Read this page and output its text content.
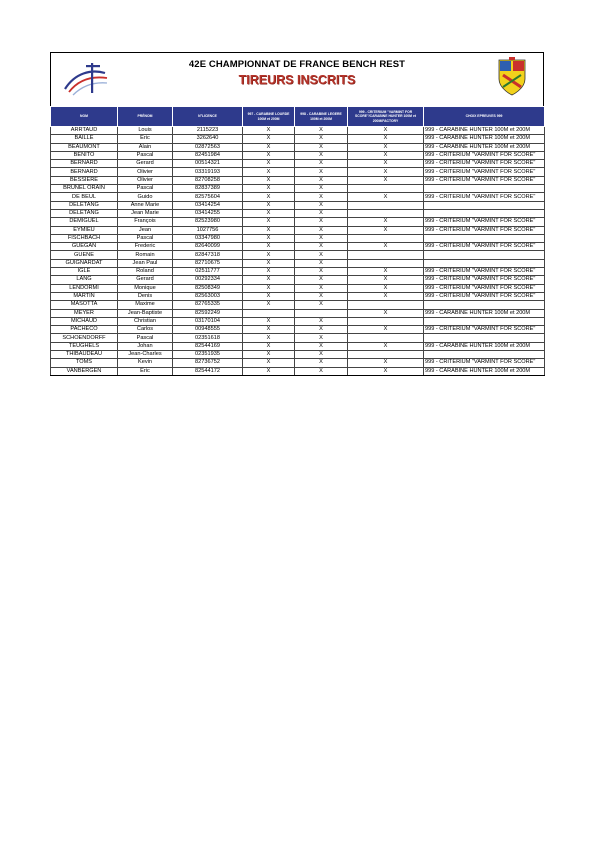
42E CHAMPIONNAT DE FRANCE BENCH REST
TIREURS INSCRITS
NOM	PRÉNOM	N°LICENCE	997 - CARABINE LOURDE 100M et 200M	998 - CARABINE LEGERE 100M et 200M	999 - CRITERIUM "VARMINT FOR SCORE"/CARABINE HUNTER 100M et 200M/FACTORY	CHOIX EPREUVES 999
ARRTAUD	Louis	2115223	X	X	X	999 - CARABINE HUNTER 100M et 200M
BAILLE	Eric	3262640	X	X	X	999 - CARABINE HUNTER 100M et 200M
BEAUMONT	Alain	02872563	X	X	X	999 - CARABINE HUNTER 100M et 200M
BENITO	Pascal	82451984	X	X	X	999 - CRITERIUM "VARMINT FOR SCORE"
BERNARD	Gerard	00514321	X	X	X	999 - CRITERIUM "VARMINT FOR SCORE"
BERNARD	Olivier	03319193	X	X	X	999 - CRITERIUM "VARMINT FOR SCORE"
BESSIERE	Olivier	82708258	X	X	X	999 - CRITERIUM "VARMINT FOR SCORE"
BRUNEL ORAIN	Pascal	82837389	X	X		
DE BEUL	Guido	82575604	X	X	X	999 - CRITERIUM "VARMINT FOR SCORE"
DELETANG	Anne Marie	03414254	X	X		
DELETANG	Jean Marie	03414255	X	X		
DEMIGUEL	François	82523980	X	X	X	999 - CRITERIUM "VARMINT FOR SCORE"
EYMIEU	Jean	1027756	X	X	X	999 - CRITERIUM "VARMINT FOR SCORE"
FISCHBACH	Pascal	03347980	X	X		
GUEGAN	Frederic	82640099	X	X	X	999 - CRITERIUM "VARMINT FOR SCORE"
GUENE	Romain	82847318	X	X		
GUIGNARDAT	Jean Paul	82710675	X	X		
IGLE	Roland	02511777	X	X	X	999 - CRITERIUM "VARMINT FOR SCORE"
LANG	Gerard	00292334	X	X	X	999 - CRITERIUM "VARMINT FOR SCORE"
LENDORMI	Monique	82508349	X	X	X	999 - CRITERIUM "VARMINT FOR SCORE"
MARTIN	Denis	82563003	X	X	X	999 - CRITERIUM "VARMINT FOR SCORE"
MASOTTA	Maxime	82765335	X	X		
MEYER	Jean-Baptiste	82592249			X	999 - CARABINE HUNTER 100M et 200M
MICHAUD	Christian	03170104	X	X		
PACHECO	Carlos	00948555	X	X	X	999 - CRITERIUM "VARMINT FOR SCORE"
SCHOENDORFF	Pascal	02351618	X	X		
TEUGHELS	Johan	82544169	X	X	X	999 - CARABINE HUNTER 100M et 200M
THIBAUDEAU	Jean-Charles	02351935	X	X		
TOMS	Kevin	82736752	X	X	X	999 - CRITERIUM "VARMINT FOR SCORE"
VANBERGEN	Eric	82544172	X	X	X	999 - CARABINE HUNTER 100M et 200M
